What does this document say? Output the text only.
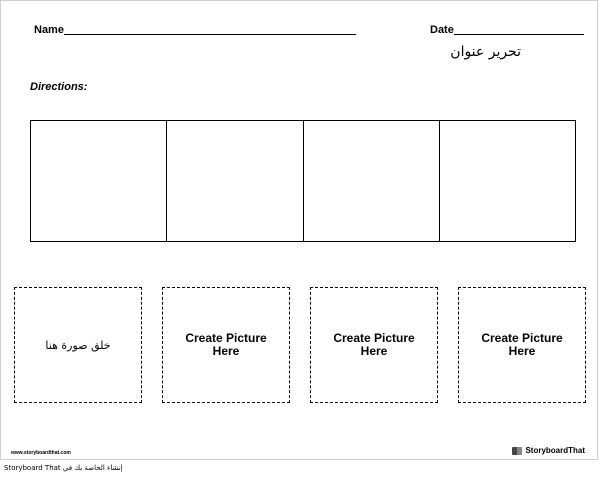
Name	Date
تحرير عنوان
Directions:
خلق صورة هنا	Create Picture Here
Create Picture Here
Create Picture Here
www.storyboardthat.com	StoryboardThat
إنشاء الخاصة بك في Storyboard That
